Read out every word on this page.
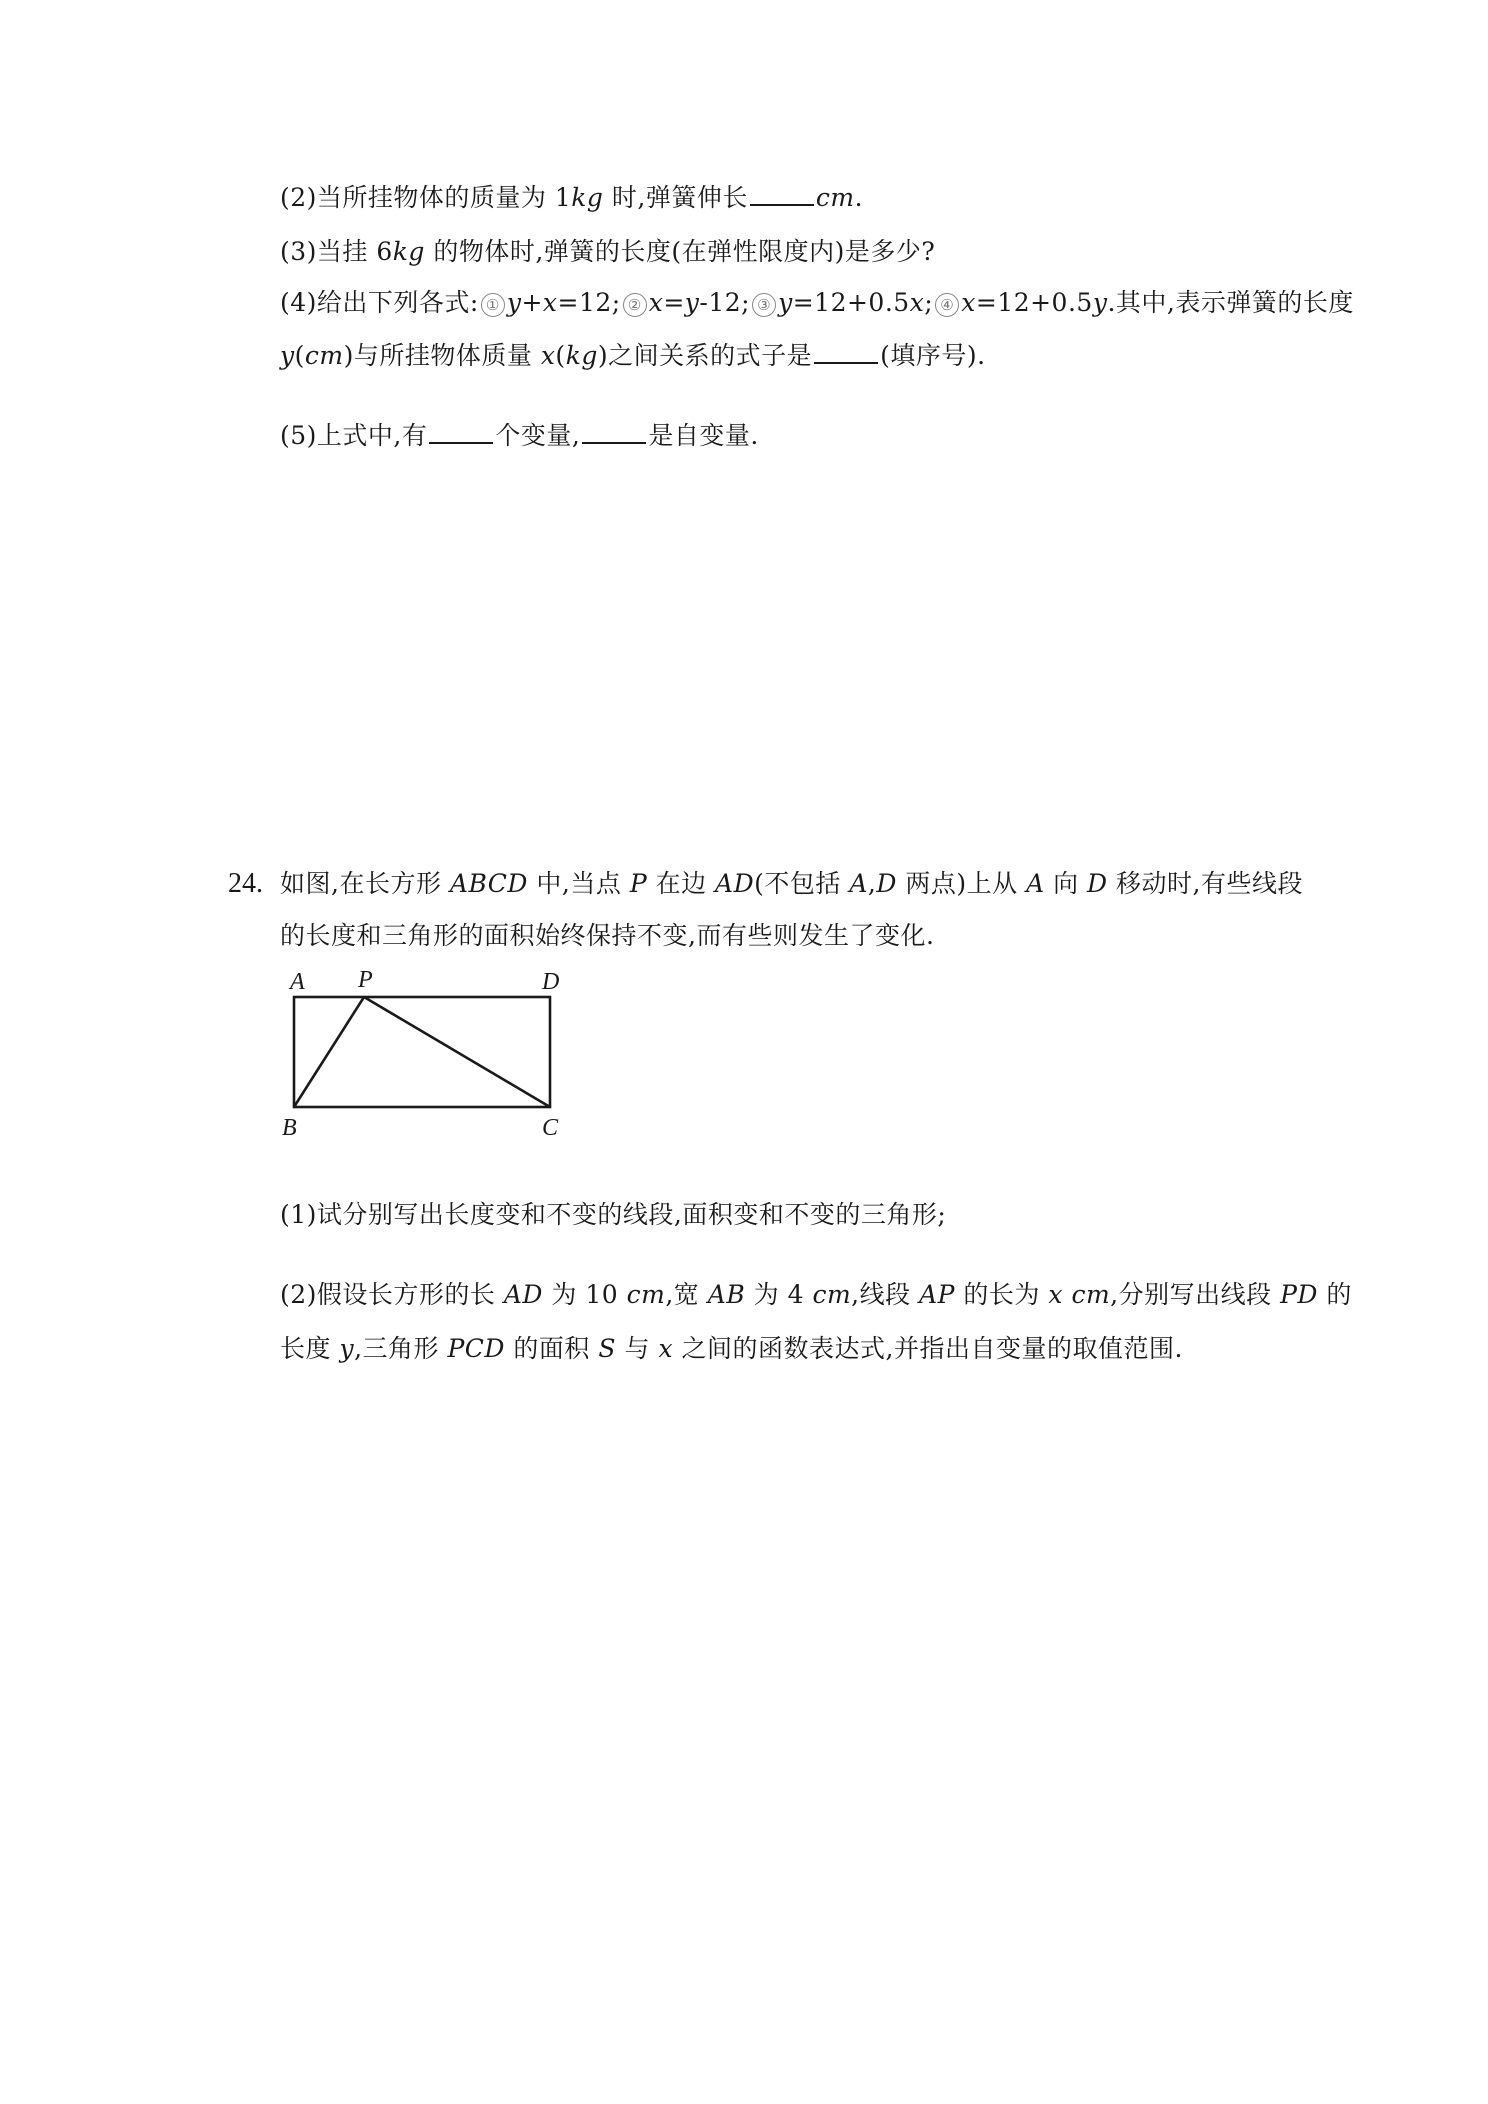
(2)当所挂物体的质量为 1kg 时,弹簧伸长	cm.
(3)当挂 6kg 的物体时,弹簧的长度(在弹性限度内)是多少?
(4)给出下列各式: ① y+x=12; ② x=y-12; ③ y=12+0.5x; ④ x=12+0.5y.其中,表示弹簧的长度
y(cm)与所挂物体质量 x(kg)之间关系的式子是	(填序号).
(5)上式中,有	个变量,	是自变量.
24. 如图,在长方形 ABCD 中,当点 P 在边 AD(不包括 A,D 两点)上从 A 向 D 移动时,有些线段
的长度和三角形的面积始终保持不变,而有些则发生了变化.
A P	D
B	C
(1)试分别写出长度变和不变的线段,面积变和不变的三角形;
(2)假设长方形的长 AD 为 10 cm,宽 AB 为 4 cm,线段 AP 的长为 x cm,分别写出线段 PD 的
长度 y,三角形 PCD 的面积 S 与 x 之间的函数表达式,并指出自变量的取值范围.
